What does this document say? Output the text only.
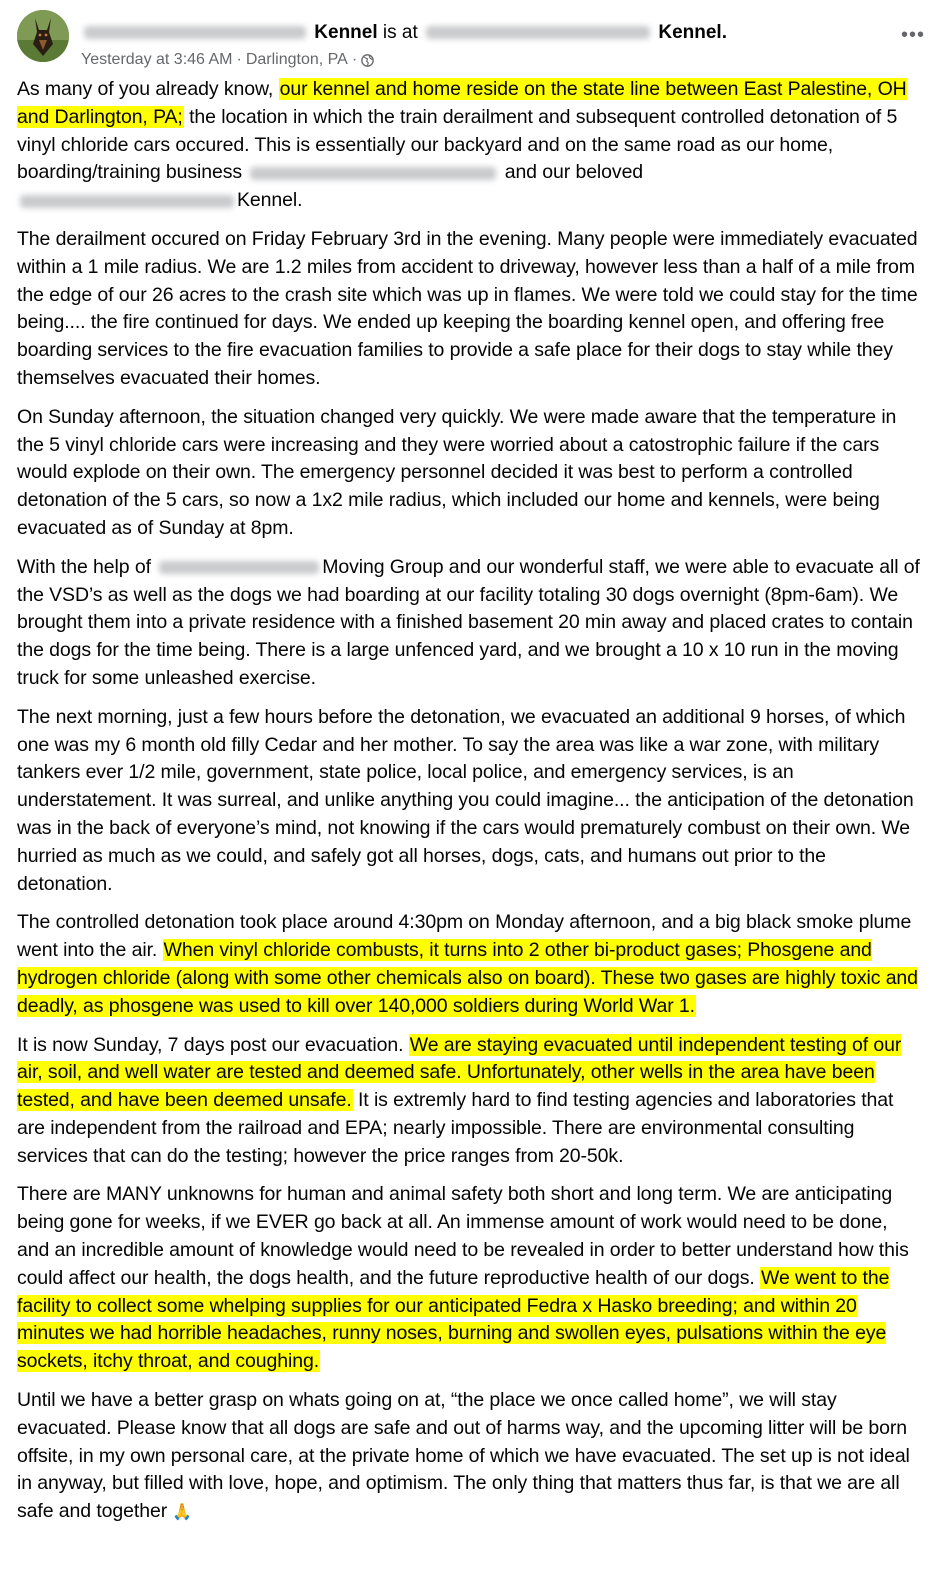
Kennel is at	Kennel.
Yesterday at 3:46 AM · Darlington, PA ·
•••

As many of you already know, our kennel and home reside on the state line between East Palestine, OH and Darlington, PA; the location in which the train derailment and subsequent controlled detonation of 5 vinyl chloride cars occured. This is essentially our backyard and on the same road as our home, boarding/training business	and our beloved
Kennel.

The derailment occured on Friday February 3rd in the evening. Many people were immediately evacuated within a 1 mile radius. We are 1.2 miles from accident to driveway, however less than a half of a mile from the edge of our 26 acres to the crash site which was up in flames. We were told we could stay for the time being.... the fire continued for days. We ended up keeping the boarding kennel open, and offering free boarding services to the fire evacuation families to provide a safe place for their dogs to stay while they themselves evacuated their homes.

On Sunday afternoon, the situation changed very quickly. We were made aware that the temperature in the 5 vinyl chloride cars were increasing and they were worried about a catostrophic failure if the cars would explode on their own. The emergency personnel decided it was best to perform a controlled detonation of the 5 cars, so now a 1x2 mile radius, which included our home and kennels, were being evacuated as of Sunday at 8pm.

With the help of	Moving Group and our wonderful staff, we were able to evacuate all of the VSD’s as well as the dogs we had boarding at our facility totaling 30 dogs overnight (8pm-6am). We brought them into a private residence with a finished basement 20 min away and placed crates to contain the dogs for the time being. There is a large unfenced yard, and we brought a 10 x 10 run in the moving truck for some unleashed exercise.

The next morning, just a few hours before the detonation, we evacuated an additional 9 horses, of which one was my 6 month old filly Cedar and her mother. To say the area was like a war zone, with military tankers ever 1/2 mile, government, state police, local police, and emergency services, is an understatement. It was surreal, and unlike anything you could imagine... the anticipation of the detonation was in the back of everyone’s mind, not knowing if the cars would prematurely combust on their own. We hurried as much as we could, and safely got all horses, dogs, cats, and humans out prior to the detonation.

The controlled detonation took place around 4:30pm on Monday afternoon, and a big black smoke plume went into the air. When vinyl chloride combusts, it turns into 2 other bi-product gases; Phosgene and hydrogen chloride (along with some other chemicals also on board). These two gases are highly toxic and deadly, as phosgene was used to kill over 140,000 soldiers during World War 1.

It is now Sunday, 7 days post our evacuation. We are staying evacuated until independent testing of our air, soil, and well water are tested and deemed safe. Unfortunately, other wells in the area have been tested, and have been deemed unsafe. It is extremly hard to find testing agencies and laboratories that are independent from the railroad and EPA; nearly impossible. There are environmental consulting services that can do the testing; however the price ranges from 20-50k.

There are MANY unknowns for human and animal safety both short and long term. We are anticipating being gone for weeks, if we EVER go back at all. An immense amount of work would need to be done, and an incredible amount of knowledge would need to be revealed in order to better understand how this could affect our health, the dogs health, and the future reproductive health of our dogs. We went to the facility to collect some whelping supplies for our anticipated Fedra x Hasko breeding; and within 20 minutes we had horrible headaches, runny noses, burning and swollen eyes, pulsations within the eye sockets, itchy throat, and coughing.

Until we have a better grasp on whats going on at, “the place we once called home”, we will stay evacuated. Please know that all dogs are safe and out of harms way, and the upcoming litter will be born offsite, in my own personal care, at the private home of which we have evacuated. The set up is not ideal in anyway, but filled with love, hope, and optimism. The only thing that matters thus far, is that we are all safe and together 🙏
